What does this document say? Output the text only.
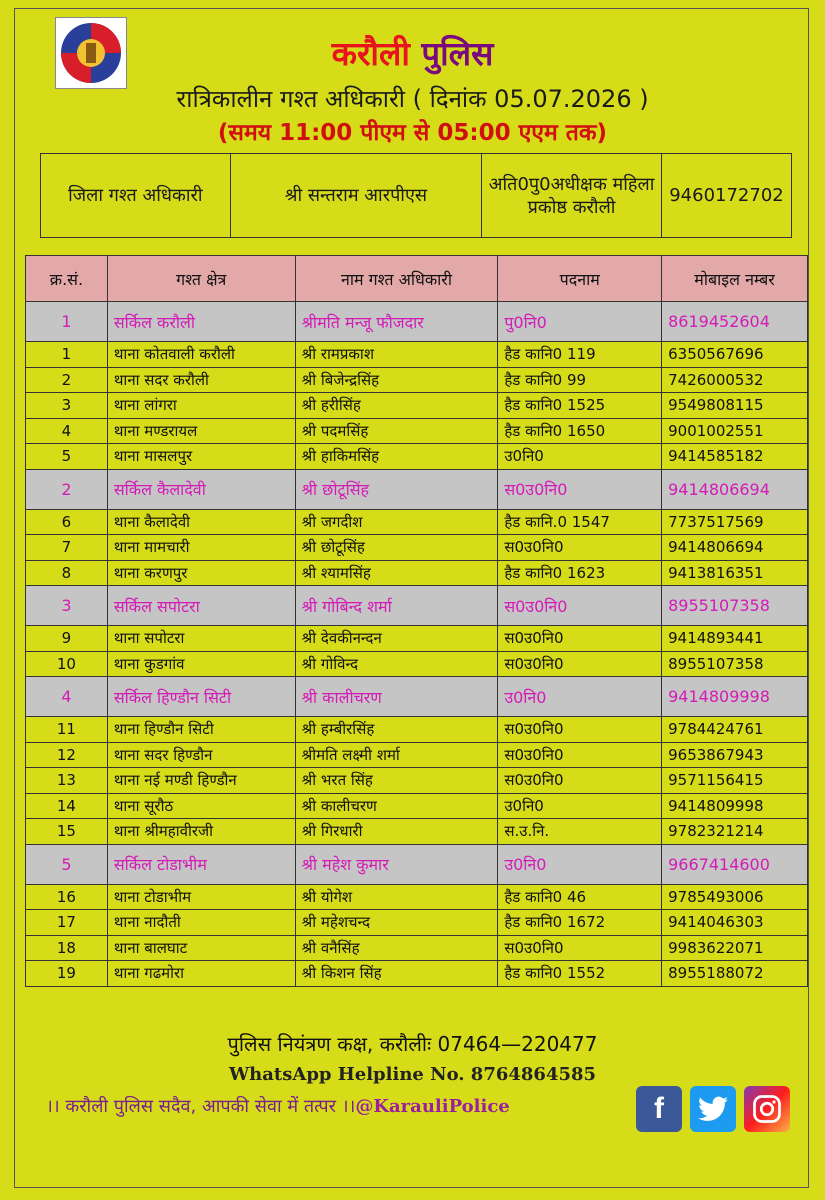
करौली पुलिस
रात्रिकालीन गश्त अधिकारी ( दिनांक 05.07.2026 )
(समय 11:00 पीएम से 05:00 एएम तक)
जिला गश्त अधिकारी	श्री सन्तराम आरपीएस	अति0पु0अधीक्षक महिला प्रकोष्ठ करौली	9460172702
क्र.सं.	गश्त क्षेत्र	नाम गश्त अधिकारी	पदनाम	मोबाइल नम्बर
1	सर्किल करौली	श्रीमति मन्जू फौजदार	पु0नि0	8619452604
1	थाना कोतवाली करौली	श्री रामप्रकाश	हैड कानि0 119	6350567696
2	थाना सदर करौली	श्री बिजेन्द्रसिंह	हैड कानि0 99	7426000532
3	थाना लांगरा	श्री हरीसिंह	हैड कानि0 1525	9549808115
4	थाना मण्डरायल	श्री पदमसिंह	हैड कानि0 1650	9001002551
5	थाना मासलपुर	श्री हाकिमसिंह	उ0नि0	9414585182
2	सर्किल कैलादेवी	श्री छोटूसिंह	स0उ0नि0	9414806694
6	थाना कैलादेवी	श्री जगदीश	हैड कानि.0 1547	7737517569
7	थाना मामचारी	श्री छोटूसिंह	स0उ0नि0	9414806694
8	थाना करणपुर	श्री श्यामसिंह	हैड कानि0 1623	9413816351
3	सर्किल सपोटरा	श्री गोबिन्द शर्मा	स0उ0नि0	8955107358
9	थाना सपोटरा	श्री देवकीनन्दन	स0उ0नि0	9414893441
10	थाना कुडगांव	श्री गोविन्द	स0उ0नि0	8955107358
4	सर्किल हिण्डौन सिटी	श्री कालीचरण	उ0नि0	9414809998
11	थाना हिण्डौन सिटी	श्री हम्बीरसिंह	स0उ0नि0	9784424761
12	थाना सदर हिण्डौन	श्रीमति लक्ष्मी शर्मा	स0उ0नि0	9653867943
13	थाना नई मण्डी हिण्डौन	श्री भरत सिंह	स0उ0नि0	9571156415
14	थाना सूरौठ	श्री कालीचरण	उ0नि0	9414809998
15	थाना श्रीमहावीरजी	श्री गिरधारी	स.उ.नि.	9782321214
5	सर्किल टोडाभीम	श्री महेश कुमार	उ0नि0	9667414600
16	थाना टोडाभीम	श्री योगेश	हैड कानि0 46	9785493006
17	थाना नादौती	श्री महेशचन्द	हैड कानि0 1672	9414046303
18	थाना बालघाट	श्री वनैसिंह	स0उ0नि0	9983622071
19	थाना गढमोरा	श्री किशन सिंह	हैड कानि0 1552	8955188072
पुलिस नियंत्रण कक्ष, करौलीः 07464—220477
WhatsApp Helpline No. 8764864585
।। करौली पुलिस सदैव, आपकी सेवा में तत्पर ।।@KarauliPolice	f
